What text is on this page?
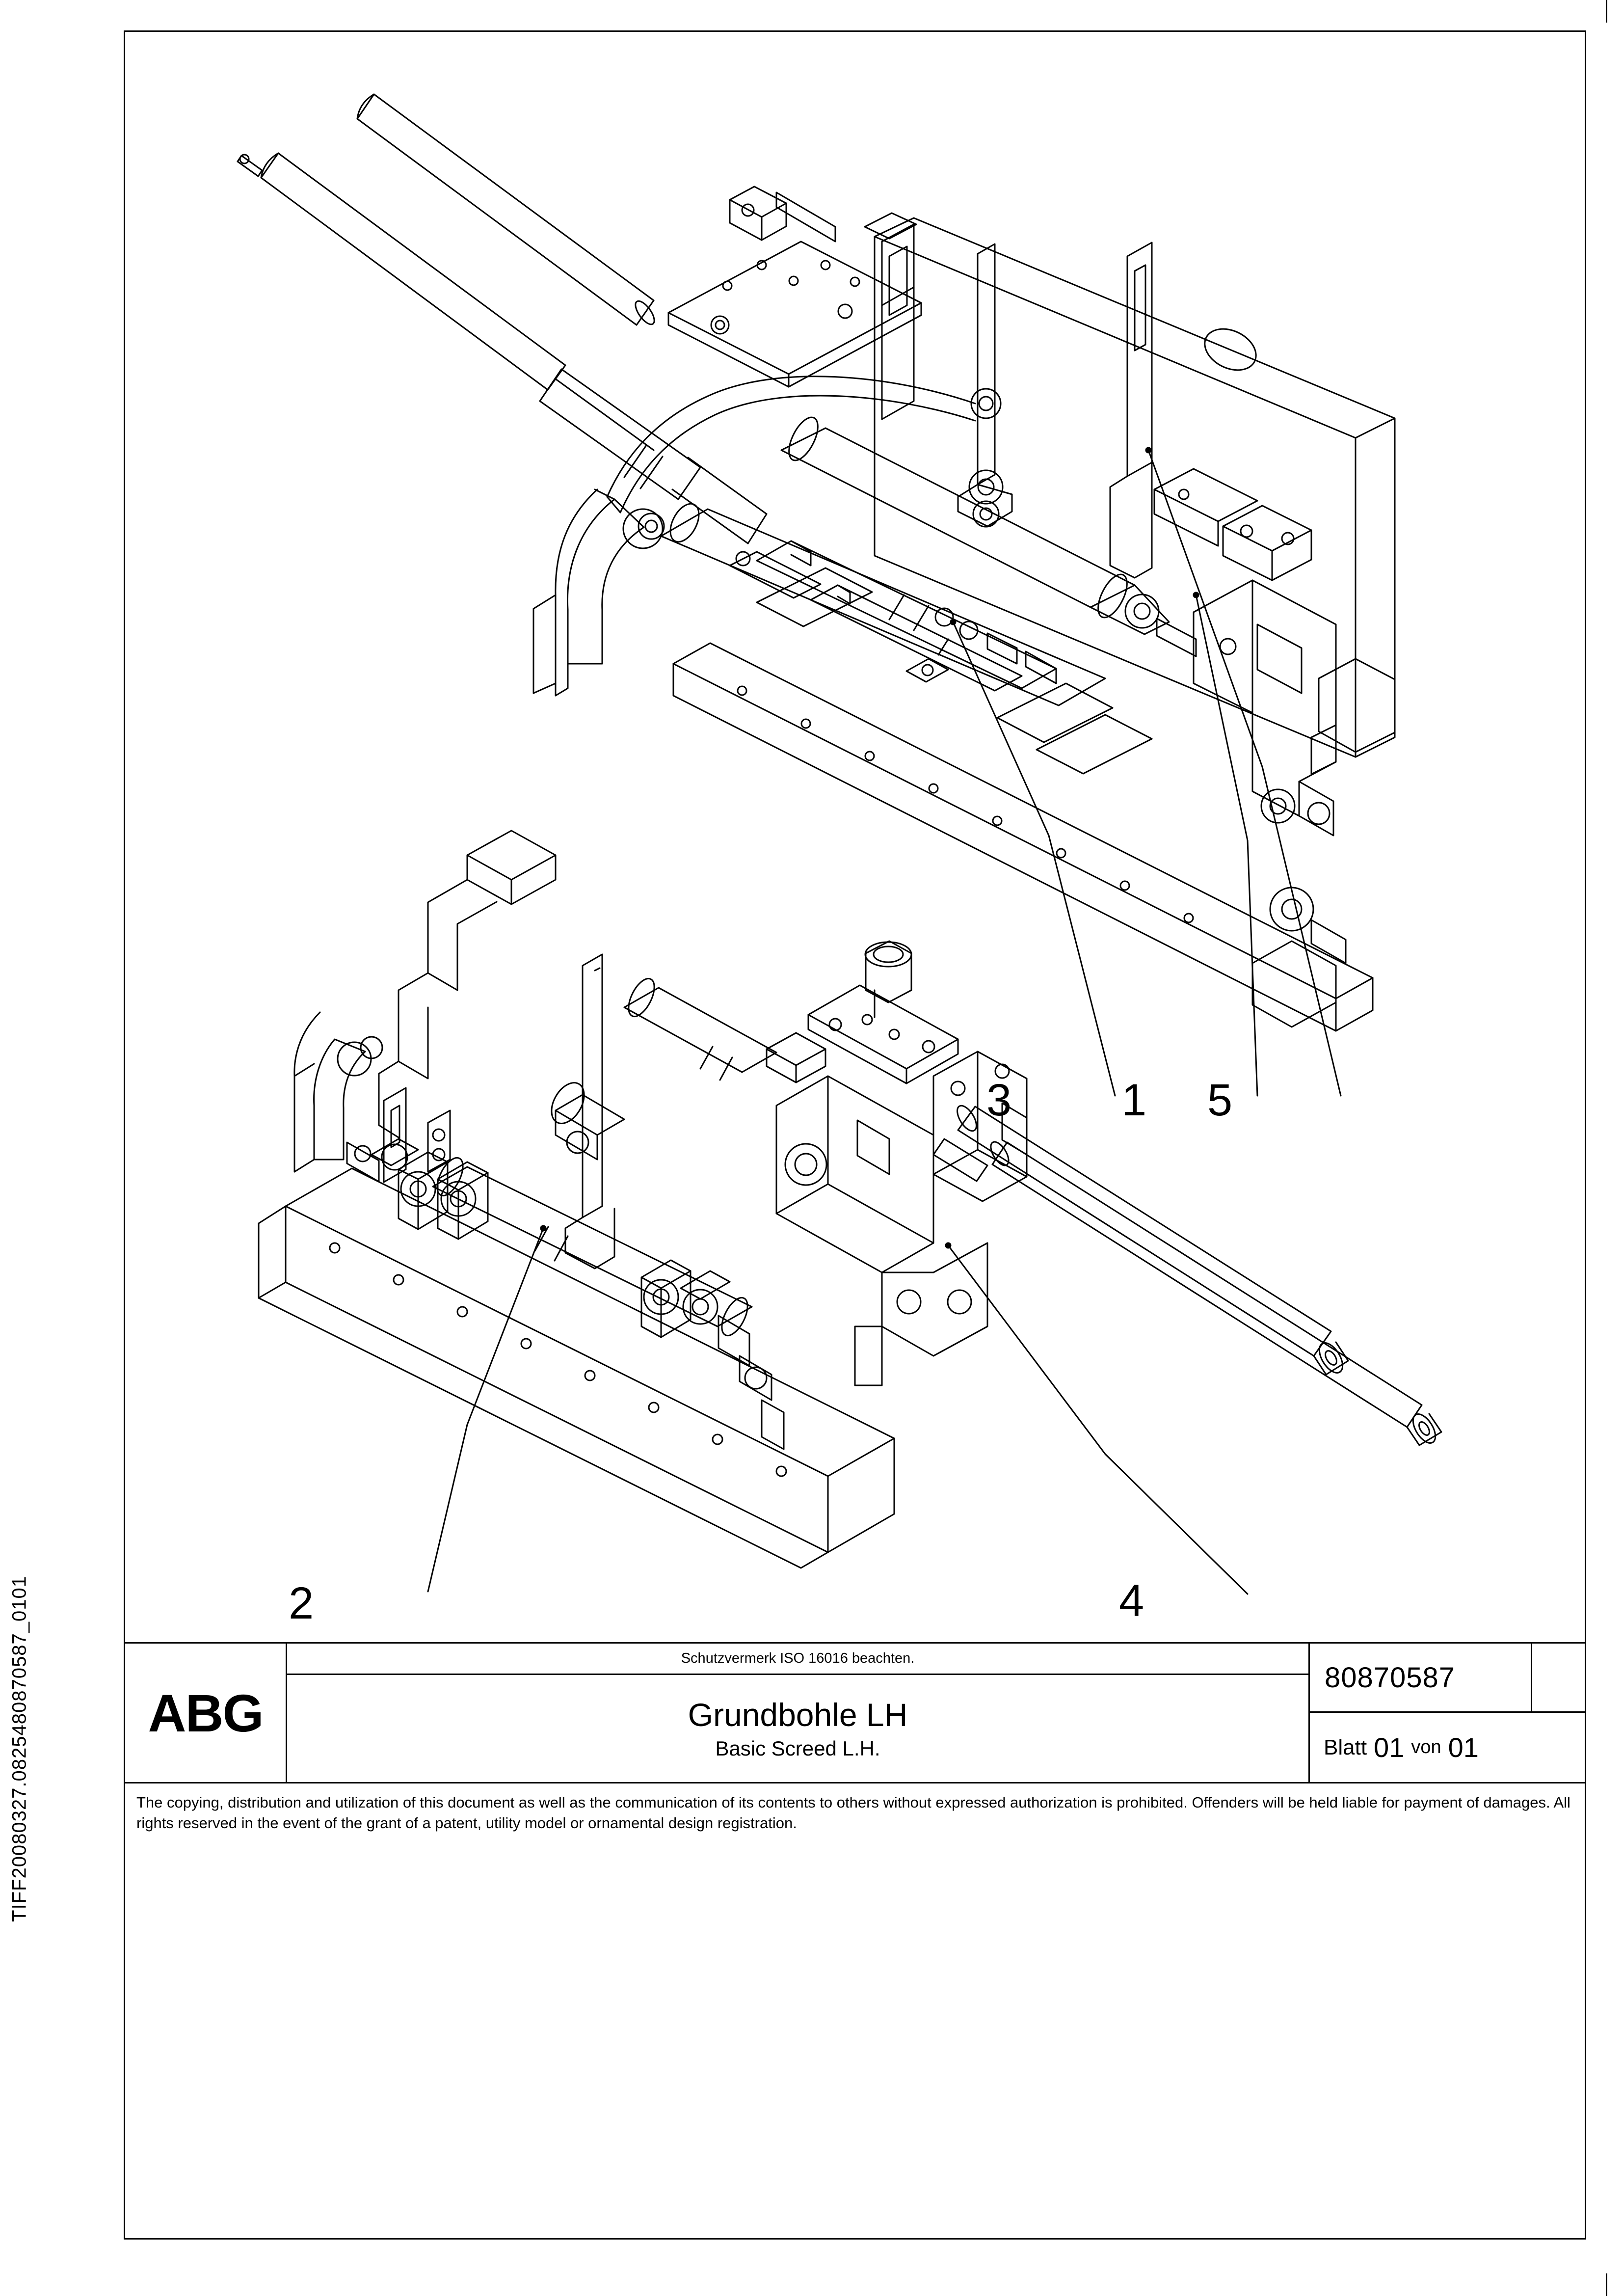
TIFF20080327.0825480870587_0101
3 1 5
2	4
ABG
Schutzvermerk ISO 16016 beachten.
Grundbohle LH
Basic Screed L.H.
80870587
Blatt 01 von 01
The copying, distribution and utilization of this document as well as the communication of its contents to others without expressed authorization is prohibited. Offenders will be held liable for payment of damages. All rights reserved in the event of the grant of a patent, utility model or ornamental design registration.
